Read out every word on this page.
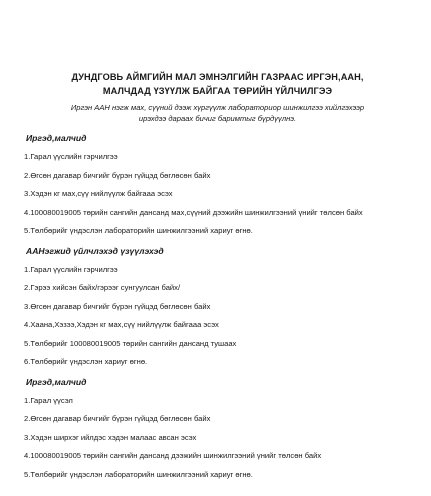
ДУНДГОВЬ АЙМГИЙН МАЛ ЭМНЭЛГИЙН ГАЗРААС ИРГЭН,ААН, МАЛЧДАД ҮЗҮҮЛЖ БАЙГАА ТӨРИЙН ҮЙЛЧИЛГЭЭ
Иргэн ААН нэгж мах, сүүний дээж хүргүүлж лабораториор шинжилгээ хийлгэхээр ирэхдээ дараах бичиг баримтыг бүрдүүлнэ.
Иргэд,малчид
1.Гарал үүслийн гэрчилгээ
2.Өгсөн дагавар бичгийг бүрэн гүйцэд бөглөсөн байх
3.Хэдэн кг мах,сүү нийлүүлж байгааа эсэх
4.100080019005 төрийн сангийн дансанд мах,сүүний дээжийн шинжилгээний үнийг төлсөн байх
5.Төлбөрийг үндэслэн лабораторийн шинжилгээний хариуг өгнө.
ААНэгжид үйлчлэхэд үзүүлэхэд
1.Гарал үүслийн гэрчилгээ
2.Гэрээ хийсэн байх/гэрээг сунгуулсан байх/
3.Өгсөн дагавар бичгийг бүрэн гүйцэд бөглөсөн байх
4.Хаана,Хэзээ,Хэдэн кг мах,сүү нийлүүлж байгааа эсэх
5.Төлбөрийг 100080019005 төрийн сангийн дансанд тушаах
6.Төлбөрийг үндэслэн хариуг өгнө.
Иргэд,малчид
1.Гарал үүсэл
2.Өгсөн дагавар бичгийг бүрэн гүйцэд бөглөсөн байх
3.Хэдэн ширхэг ийлдэс хэдэн малаас авсан эсэх
4.100080019005 төрийн сангийн дансанд дээжийн шинжилгээний үнийг төлсөн байх
5.Төлбөрийг үндэслэн лабораторийн шинжилгээний хариуг өгнө.
